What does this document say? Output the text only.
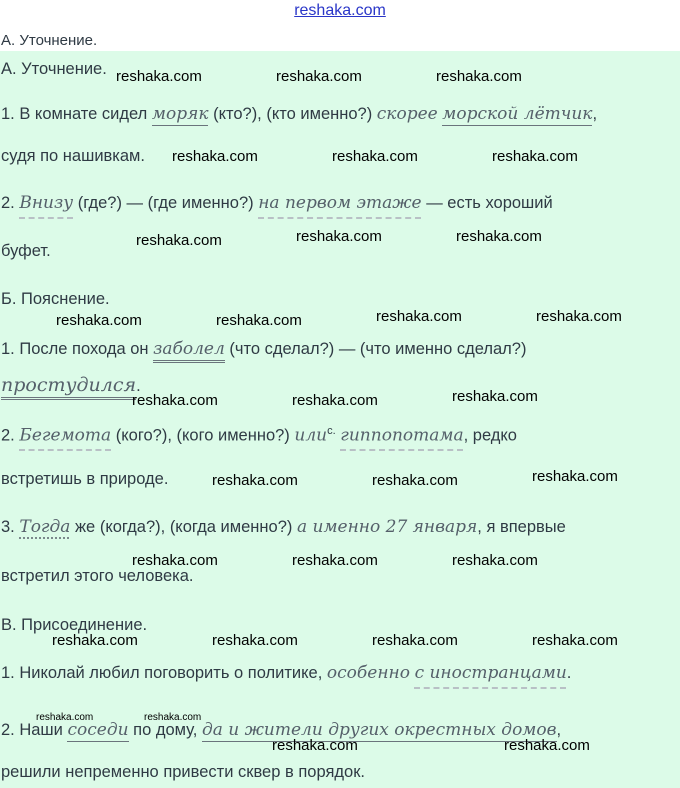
reshaka.com
А. Уточнение.
А. Уточнение.
1. В комнате сидел моряк (кто?), (кто именно?) скорее морской лётчик,
судя по нашивкам.
2. Внизу (где?) — (где именно?) на первом этаже — есть хороший
буфет.
Б. Пояснение.
1. После похода он заболел (что сделал?) — (что именно сделал?)
простудился.
2. Бегемота (кого?), (кого именно?) или$^{с.}$ гиппопотама, редко
встретишь в природе.
3. Тогда же (когда?), (когда именно?) а именно 27 января, я впервые
встретил этого человека.
В. Присоединение.
1. Николай любил поговорить о политике, особенно с иностранцами.
2. Наши соседи по дому, да и жители других окрестных домов,
решили непременно привести сквер в порядок.
reshaka.com	reshaka.com	reshaka.com
reshaka.com	reshaka.com	reshaka.com
reshaka.com	reshaka.com	reshaka.com
reshaka.com	reshaka.com	reshaka.com	reshaka.com
reshaka.com	reshaka.com	reshaka.com
reshaka.com	reshaka.com	reshaka.com
reshaka.com	reshaka.com	reshaka.com
reshaka.com	reshaka.com	reshaka.com	reshaka.com
reshaka.com	reshaka.com
reshaka.com	reshaka.com
